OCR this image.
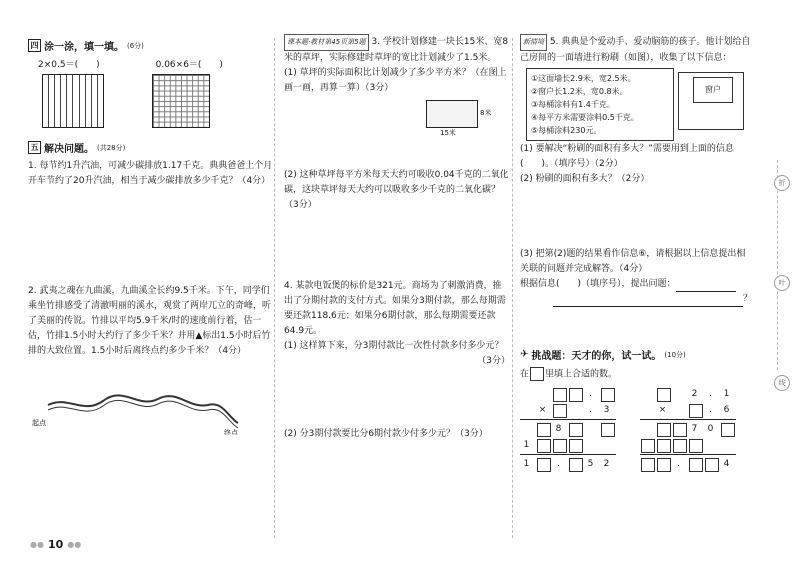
折
叶
线
四 涂一涂，填一填。 (6分)
2×0.5＝(　　)	0.06×6＝(　　)
五 解决问题。 (共28分)

1. 每节约1升汽油，可减少碳排放1.17千克。典典爸爸上个月开车节约了20升汽油，相当于减少碳排放多少千克？（4分）

2. 武夷之魂在九曲溪，九曲溪全长约9.5千米。下午，同学们乘坐竹排感受了清澈明丽的溪水，观赏了两岸兀立的奇峰，听了美丽的传说。竹排以平均5.9千米/时的速度前行着，估一估，竹排1.5小时大约行了多少千米？并用▲标出1.5小时后竹排的大致位置。1.5小时后离终点约多少千米？（4分）

起点
终点

课本题·教材第45页第5题 3. 学校计划修建一块长15米、宽8米的草坪，实际修建时草坪的宽比计划减少了1.5米。

(1) 草坪的实际面积比计划减少了多少平方米？（在图上画一画，再算一算）（3分）

8米
15米

(2) 这种草坪每平方米每天大约可吸收0.04千克的二氧化碳，这块草坪每天大约可以吸收多少千克的二氧化碳？（3分）

4. 某款电饭煲的标价是321元。商场为了刺激消费，推出了分期付款的支付方式。如果分3期付款，那么每期需要还款118.6元；如果分6期付款，那么每期需要还款64.9元。

(1) 这样算下来，分3期付款比一次性付款多付多少元？

（3分）

(2) 分3期付款要比分6期付款少付多少元？（3分）

新情境 5. 典典是个爱动手、爱动脑筋的孩子。他计划给自己房间的一面墙进行粉刷（如图），收集了以下信息：

①这面墙长2.9米，宽2.5米。
②窗户长1.2米，宽0.8米。
③每桶涂料有1.4千克。
④每平方米需要涂料0.5千克。
⑤每桶涂料230元。
窗户

(1) 要解决“粉刷的面积有多大？”需要用到上面的信息(　　)。（填序号）（2分）

(2) 粉刷的面积有多大？（2分）

(3) 把第(2)题的结果看作信息⑥，请根据以上信息提出相关联的问题并完成解答。（4分）

根据信息(　　)（填序号），提出问题：

？

✈ 挑战题：天才的你，试一试。 (10分)

在 里填上合适的数。

.
×	.	3
8
1
1	.	5	2
2	.	1
×	.	6
7	0
.	4
●● 10 ●●
